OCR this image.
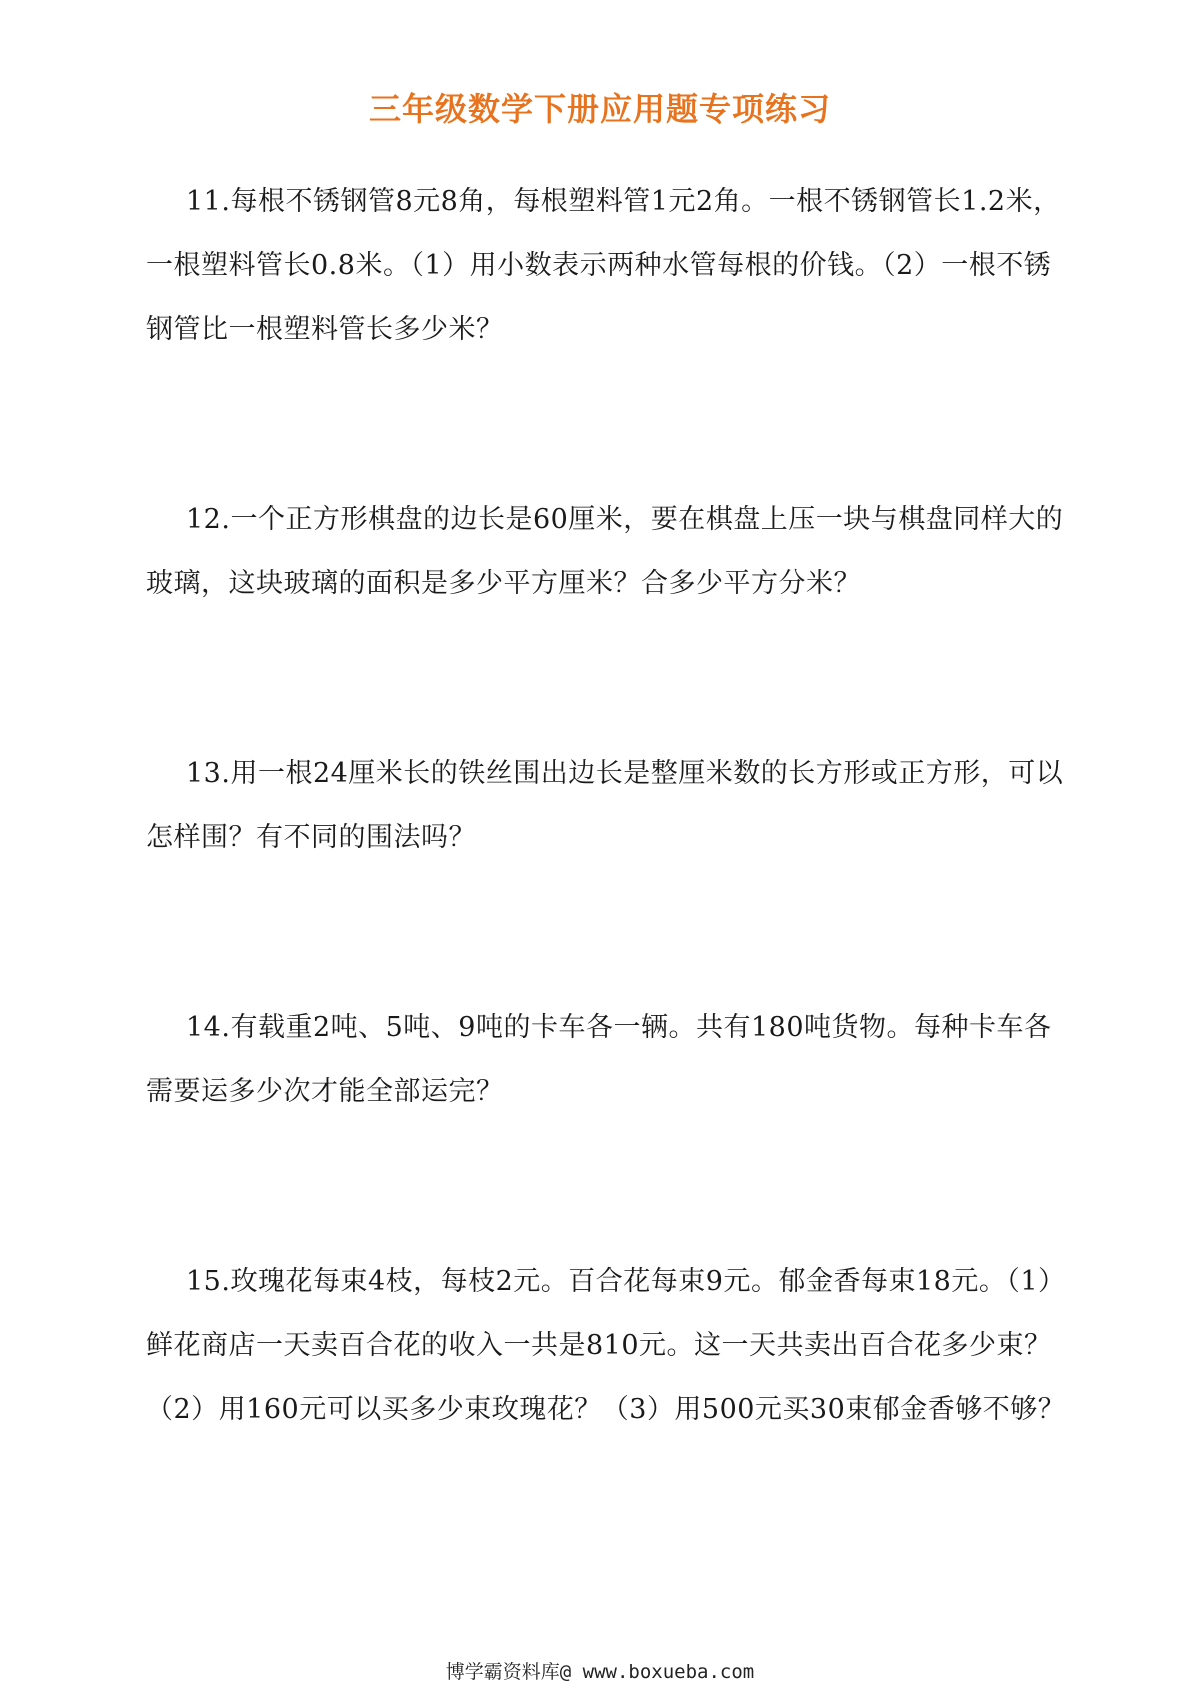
三年级数学下册应用题专项练习

11.每根不锈钢管8元8角，每根塑料管1元2角。一根不锈钢管长1.2米，一根塑料管长0.8米。（1）用小数表示两种水管每根的价钱。（2）一根不锈钢管比一根塑料管长多少米？

12.一个正方形棋盘的边长是60厘米，要在棋盘上压一块与棋盘同样大的玻璃，这块玻璃的面积是多少平方厘米？合多少平方分米？

13.用一根24厘米长的铁丝围出边长是整厘米数的长方形或正方形，可以怎样围？有不同的围法吗？

14.有载重2吨、5吨、9吨的卡车各一辆。共有180吨货物。每种卡车各需要运多少次才能全部运完？

15.玫瑰花每束4枝，每枝2元。百合花每束9元。郁金香每束18元。（1）鲜花商店一天卖百合花的收入一共是810元。这一天共卖出百合花多少束？（2）用160元可以买多少束玫瑰花？（3）用500元买30束郁金香够不够？

博学霸资料库@ www.boxueba.com
